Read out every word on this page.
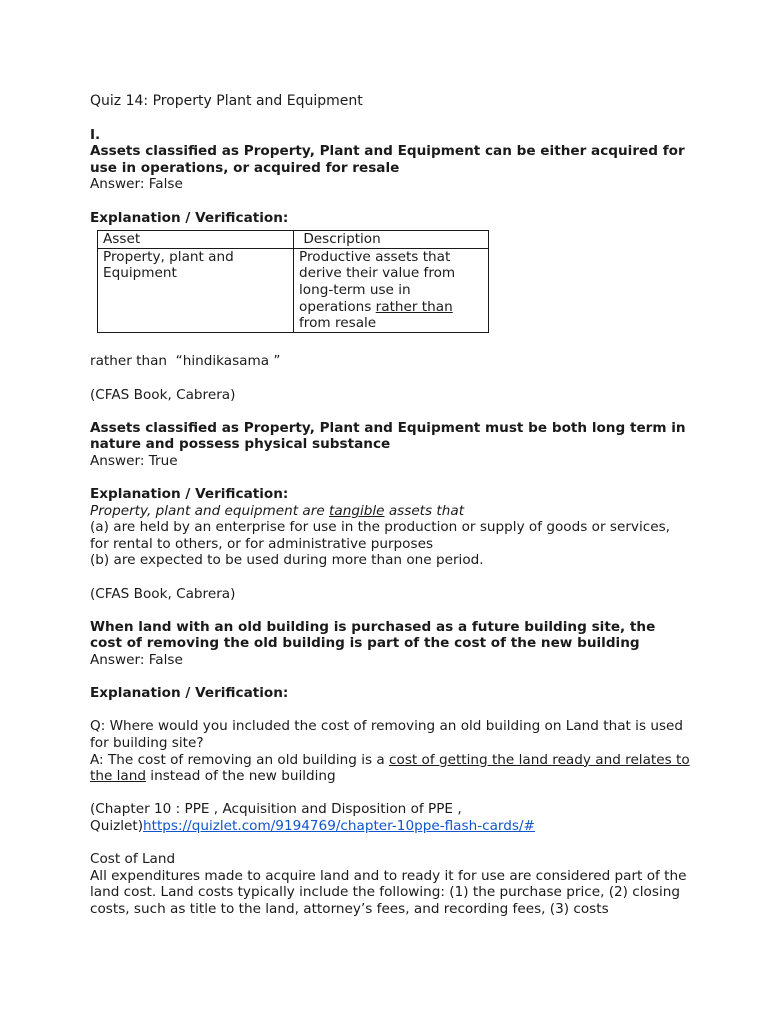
Quiz 14: Property Plant and Equipment

I.

Assets classified as Property, Plant and Equipment can be either acquired for use in operations, or acquired for resale

Answer: False

Explanation / Verification:

Asset	Description
Property, plant and Equipment	Productive assets that derive their value from long-term use in operations rather than from resale

rather than  “hindikasama ”

(CFAS Book, Cabrera)

Assets classified as Property, Plant and Equipment must be both long term in nature and possess physical substance

Answer: True

Explanation / Verification:

Property, plant and equipment are tangible assets that

(a) are held by an enterprise for use in the production or supply of goods or services, for rental to others, or for administrative purposes

(b) are expected to be used during more than one period.

(CFAS Book, Cabrera)

When land with an old building is purchased as a future building site, the cost of removing the old building is part of the cost of the new building

Answer: False

Explanation / Verification:

Q: Where would you included the cost of removing an old building on Land that is used for building site?

A: The cost of removing an old building is a cost of getting the land ready and relates to the land instead of the new building

(Chapter 10 : PPE , Acquisition and Disposition of PPE , Quizlet)https://quizlet.com/9194769/chapter-10ppe-flash-cards/#

Cost of Land

All expenditures made to acquire land and to ready it for use are considered part of the land cost. Land costs typically include the following: (1) the purchase price, (2) closing costs, such as title to the land, attorney’s fees, and recording fees, (3) costs
